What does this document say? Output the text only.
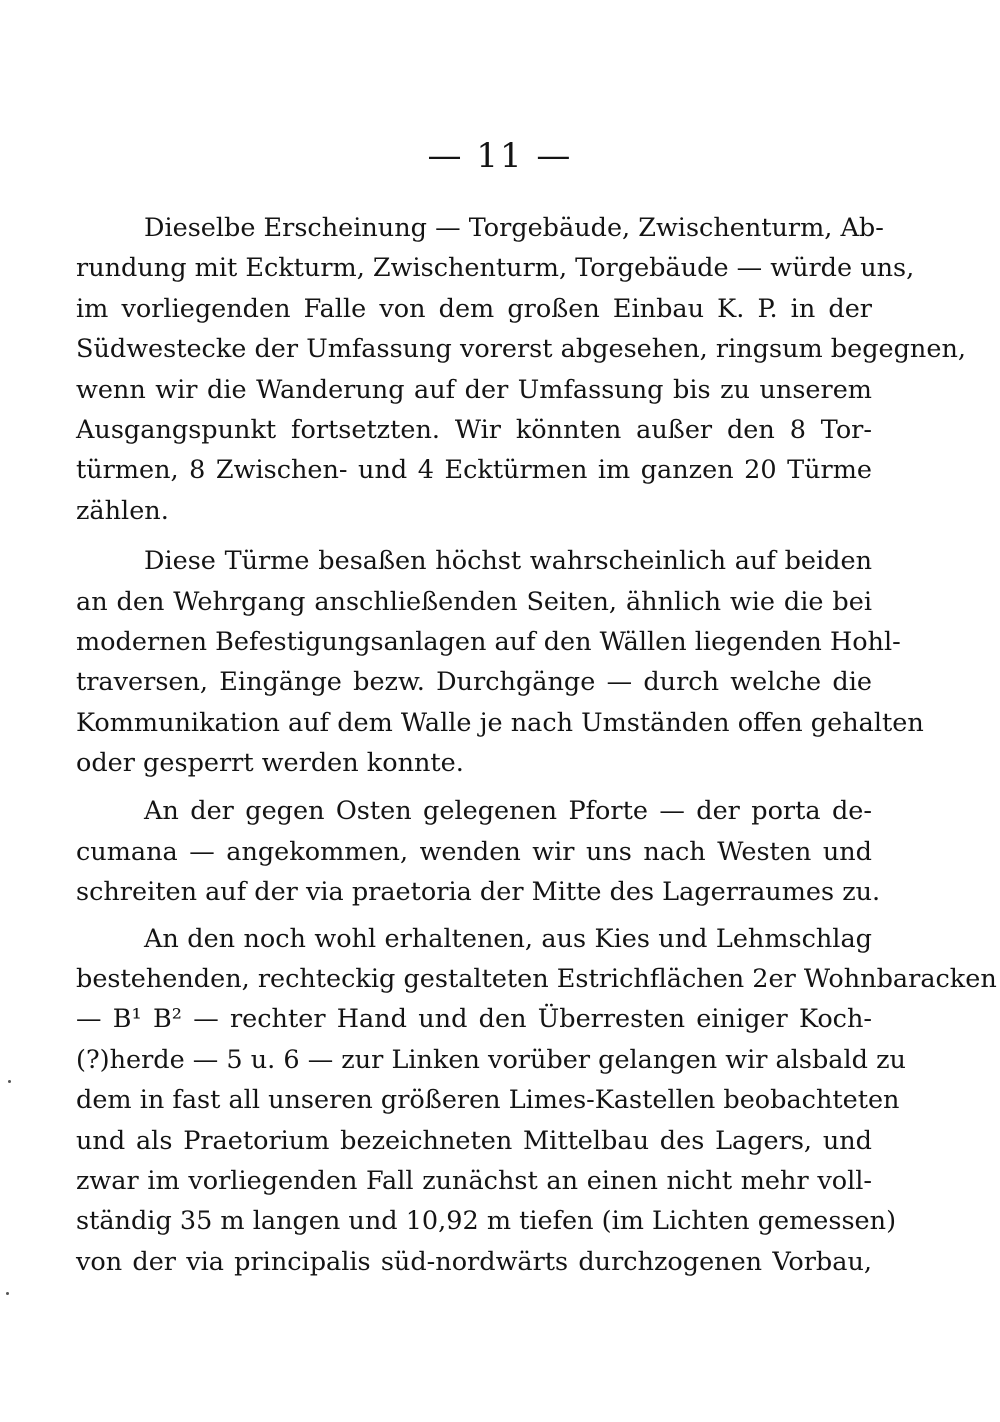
— 11 —
Dieselbe Erscheinung — Torgebäude, Zwischenturm, Ab-
rundung mit Eckturm, Zwischenturm, Torgebäude — würde uns,
im vorliegenden Falle von dem großen Einbau K. P. in der
Südwestecke der Umfassung vorerst abgesehen, ringsum begegnen,
wenn wir die Wanderung auf der Umfassung bis zu unserem
Ausgangspunkt fortsetzten. Wir könnten außer den 8 Tor-
türmen, 8 Zwischen- und 4 Ecktürmen im ganzen 20 Türme
zählen.
Diese Türme besaßen höchst wahrscheinlich auf beiden
an den Wehrgang anschließenden Seiten, ähnlich wie die bei
modernen Befestigungsanlagen auf den Wällen liegenden Hohl-
traversen, Eingänge bezw. Durchgänge — durch welche die
Kommunikation auf dem Walle je nach Umständen offen gehalten
oder gesperrt werden konnte.
An der gegen Osten gelegenen Pforte — der porta de-
cumana — angekommen, wenden wir uns nach Westen und
schreiten auf der via praetoria der Mitte des Lagerraumes zu.
An den noch wohl erhaltenen, aus Kies und Lehmschlag
bestehenden, rechteckig gestalteten Estrichflächen 2er Wohnbaracken
— B¹ B² — rechter Hand und den Überresten einiger Koch-
(?)herde — 5 u. 6 — zur Linken vorüber gelangen wir alsbald zu
dem in fast all unseren größeren Limes-Kastellen beobachteten
und als Praetorium bezeichneten Mittelbau des Lagers, und
zwar im vorliegenden Fall zunächst an einen nicht mehr voll-
ständig 35 m langen und 10,92 m tiefen (im Lichten gemessen)
von der via principalis süd-nordwärts durchzogenen Vorbau,
